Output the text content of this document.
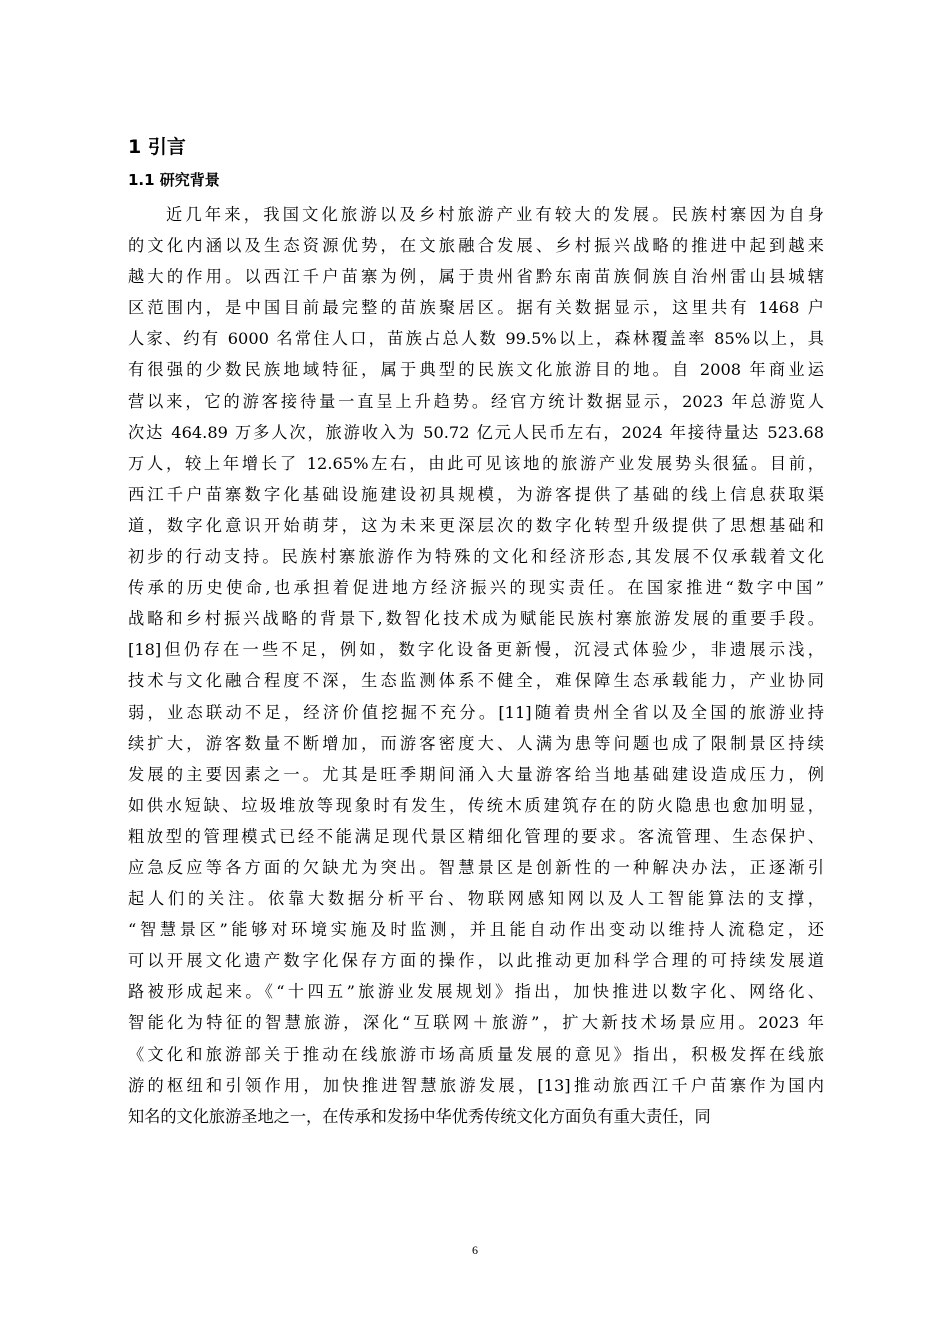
1 引言
1.1 研究背景
近几年来，我国文化旅游以及乡村旅游产业有较大的发展。民族村寨因为自身
的文化内涵以及生态资源优势，在文旅融合发展、乡村振兴战略的推进中起到越来
越大的作用。以西江千户苗寨为例，属于贵州省黔东南苗族侗族自治州雷山县城辖
区范围内，是中国目前最完整的苗族聚居区。据有关数据显示，这里共有 1468 户
人家、约有 6000 名常住人口，苗族占总人数 99.5%以上，森林覆盖率 85%以上，具
有很强的少数民族地域特征，属于典型的民族文化旅游目的地。自 2008 年商业运
营以来，它的游客接待量一直呈上升趋势。经官方统计数据显示，2023 年总游览人
次达 464.89 万多人次，旅游收入为 50.72 亿元人民币左右，2024 年接待量达 523.68
万人，较上年增长了 12.65%左右，由此可见该地的旅游产业发展势头很猛。目前，
西江千户苗寨数字化基础设施建设初具规模，为游客提供了基础的线上信息获取渠
道，数字化意识开始萌芽，这为未来更深层次的数字化转型升级提供了思想基础和
初步的行动支持。民族村寨旅游作为特殊的文化和经济形态,其发展不仅承载着文化
传承的历史使命,也承担着促进地方经济振兴的现实责任。在国家推进“数字中国”
战略和乡村振兴战略的背景下,数智化技术成为赋能民族村寨旅游发展的重要手段。
[18]但仍存在一些不足，例如，数字化设备更新慢，沉浸式体验少，非遗展示浅，
技术与文化融合程度不深，生态监测体系不健全，难保障生态承载能力，产业协同
弱，业态联动不足，经济价值挖掘不充分。[11]随着贵州全省以及全国的旅游业持
续扩大，游客数量不断增加，而游客密度大、人满为患等问题也成了限制景区持续
发展的主要因素之一。尤其是旺季期间涌入大量游客给当地基础建设造成压力，例
如供水短缺、垃圾堆放等现象时有发生，传统木质建筑存在的防火隐患也愈加明显，
粗放型的管理模式已经不能满足现代景区精细化管理的要求。客流管理、生态保护、
应急反应等各方面的欠缺尤为突出。智慧景区是创新性的一种解决办法，正逐渐引
起人们的关注。依靠大数据分析平台、物联网感知网以及人工智能算法的支撑，
“智慧景区”能够对环境实施及时监测，并且能自动作出变动以维持人流稳定，还
可以开展文化遗产数字化保存方面的操作，以此推动更加科学合理的可持续发展道
路被形成起来。《“十四五”旅游业发展规划》指出，加快推进以数字化、网络化、
智能化为特征的智慧旅游，深化“互联网＋旅游”，扩大新技术场景应用。2023 年
《文化和旅游部关于推动在线旅游市场高质量发展的意见》指出，积极发挥在线旅
游的枢纽和引领作用，加快推进智慧旅游发展，[13]推动旅西江千户苗寨作为国内
知名的文化旅游圣地之一，在传承和发扬中华优秀传统文化方面负有重大责任，同
6
